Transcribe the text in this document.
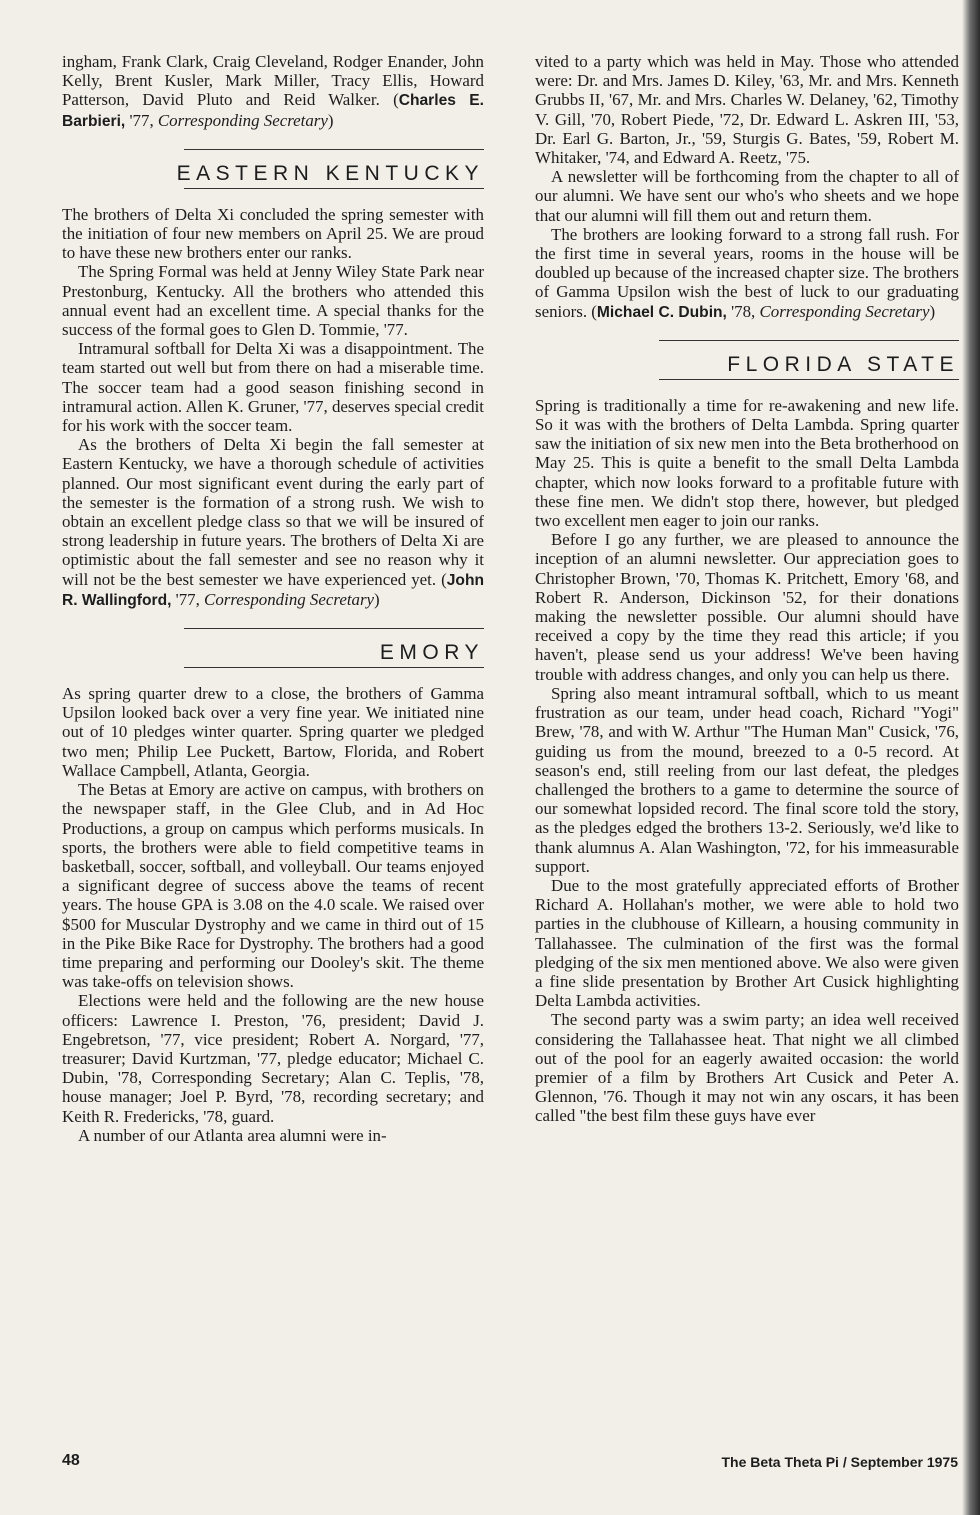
ingham, Frank Clark, Craig Cleveland, Rodger Enander, John Kelly, Brent Kusler, Mark Miller, Tracy Ellis, Howard Patterson, David Pluto and Reid Walker. (Charles E. Barbieri, '77, Corresponding Secretary)

EASTERN KENTUCKY

The brothers of Delta Xi concluded the spring semester with the initiation of four new members on April 25. We are proud to have these new brothers enter our ranks.

The Spring Formal was held at Jenny Wiley State Park near Prestonburg, Kentucky. All the brothers who attended this annual event had an excellent time. A special thanks for the success of the formal goes to Glen D. Tommie, '77.

Intramural softball for Delta Xi was a disappointment. The team started out well but from there on had a miserable time. The soccer team had a good season finishing second in intramural action. Allen K. Gruner, '77, deserves special credit for his work with the soccer team.

As the brothers of Delta Xi begin the fall semester at Eastern Kentucky, we have a thorough schedule of activities planned. Our most significant event during the early part of the semester is the formation of a strong rush. We wish to obtain an excellent pledge class so that we will be insured of strong leadership in future years. The brothers of Delta Xi are optimistic about the fall semester and see no reason why it will not be the best semester we have experienced yet. (John R. Wallingford, '77, Corresponding Secretary)

EMORY

As spring quarter drew to a close, the brothers of Gamma Upsilon looked back over a very fine year. We initiated nine out of 10 pledges winter quarter. Spring quarter we pledged two men; Philip Lee Puckett, Bartow, Florida, and Robert Wallace Campbell, Atlanta, Georgia.

The Betas at Emory are active on campus, with brothers on the newspaper staff, in the Glee Club, and in Ad Hoc Productions, a group on campus which performs musicals. In sports, the brothers were able to field competitive teams in basketball, soccer, softball, and volleyball. Our teams enjoyed a significant degree of success above the teams of recent years. The house GPA is 3.08 on the 4.0 scale. We raised over $500 for Muscular Dystrophy and we came in third out of 15 in the Pike Bike Race for Dystrophy. The brothers had a good time preparing and performing our Dooley's skit. The theme was take-offs on television shows.

Elections were held and the following are the new house officers: Lawrence I. Preston, '76, president; David J. Engebretson, '77, vice president; Robert A. Norgard, '77, treasurer; David Kurtzman, '77, pledge educator; Michael C. Dubin, '78, Corresponding Secretary; Alan C. Teplis, '78, house manager; Joel P. Byrd, '78, recording secretary; and Keith R. Fredericks, '78, guard.

A number of our Atlanta area alumni were in-

vited to a party which was held in May. Those who attended were: Dr. and Mrs. James D. Kiley, '63, Mr. and Mrs. Kenneth Grubbs II, '67, Mr. and Mrs. Charles W. Delaney, '62, Timothy V. Gill, '70, Robert Piede, '72, Dr. Edward L. Askren III, '53, Dr. Earl G. Barton, Jr., '59, Sturgis G. Bates, '59, Robert M. Whitaker, '74, and Edward A. Reetz, '75.

A newsletter will be forthcoming from the chapter to all of our alumni. We have sent our who's who sheets and we hope that our alumni will fill them out and return them.

The brothers are looking forward to a strong fall rush. For the first time in several years, rooms in the house will be doubled up because of the increased chapter size. The brothers of Gamma Upsilon wish the best of luck to our graduating seniors. (Michael C. Dubin, '78, Corresponding Secretary)

FLORIDA STATE

Spring is traditionally a time for re-awakening and new life. So it was with the brothers of Delta Lambda. Spring quarter saw the initiation of six new men into the Beta brotherhood on May 25. This is quite a benefit to the small Delta Lambda chapter, which now looks forward to a profitable future with these fine men. We didn't stop there, however, but pledged two excellent men eager to join our ranks.

Before I go any further, we are pleased to announce the inception of an alumni newsletter. Our appreciation goes to Christopher Brown, '70, Thomas K. Pritchett, Emory '68, and Robert R. Anderson, Dickinson '52, for their donations making the newsletter possible. Our alumni should have received a copy by the time they read this article; if you haven't, please send us your address! We've been having trouble with address changes, and only you can help us there.

Spring also meant intramural softball, which to us meant frustration as our team, under head coach, Richard "Yogi" Brew, '78, and with W. Arthur "The Human Man" Cusick, '76, guiding us from the mound, breezed to a 0-5 record. At season's end, still reeling from our last defeat, the pledges challenged the brothers to a game to determine the source of our somewhat lopsided record. The final score told the story, as the pledges edged the brothers 13-2. Seriously, we'd like to thank alumnus A. Alan Washington, '72, for his immeasurable support.

Due to the most gratefully appreciated efforts of Brother Richard A. Hollahan's mother, we were able to hold two parties in the clubhouse of Killearn, a housing community in Tallahassee. The culmination of the first was the formal pledging of the six men mentioned above. We also were given a fine slide presentation by Brother Art Cusick highlighting Delta Lambda activities.

The second party was a swim party; an idea well received considering the Tallahassee heat. That night we all climbed out of the pool for an eagerly awaited occasion: the world premier of a film by Brothers Art Cusick and Peter A. Glennon, '76. Though it may not win any oscars, it has been called "the best film these guys have ever

48	The Beta Theta Pi / September 1975
